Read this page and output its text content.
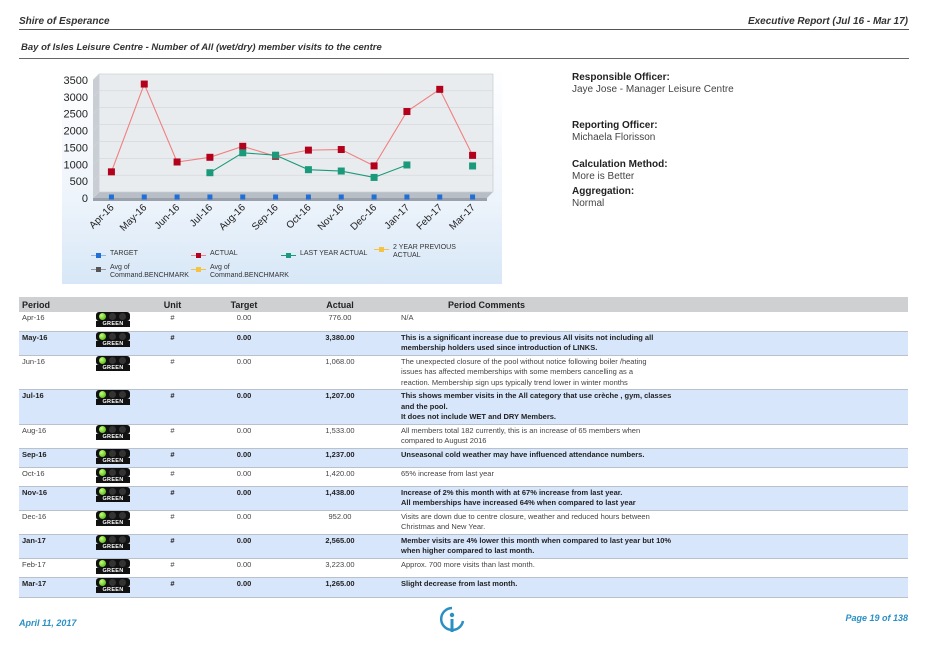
Shire of Esperance	Executive Report (Jul 16 - Mar 17)
Bay of Isles Leisure Centre - Number of All (wet/dry) member visits to the centre
0
500
1000
1500
2000
2500
3000
3500
Apr-16 May-16 Jun-16 Jul-16 Aug-16 Sep-16 Oct-16 Nov-16 Dec-16 Jan-17 Feb-17 Mar-17
TARGET	ACTUAL	LAST YEAR ACTUAL
2 YEAR PREVIOUS ACTUAL
Avg of Command.BENCHMARK
Avg of Command.BENCHMARK
Responsible Officer:
Jaye Jose - Manager Leisure Centre
Reporting Officer:
Michaela Florisson
Calculation Method:
More is Better
Aggregation:
Normal
Period		Unit	Target	Actual	Period Comments
Apr-16	GREEN	#	0.00	776.00	N/A

May-16	GREEN	#	0.00	3,380.00	This is a significant increase due to previous All visits not including all
membership holders used since introduction of LINKS.

Jun-16	GREEN	#	0.00	1,068.00	The unexpected closure of the pool without notice following boiler /heating
issues has affected memberships with some members cancelling as a
reaction. Membership sign ups typically trend lower in winter months

Jul-16	GREEN	#	0.00	1,207.00	This shows member visits in the All category that use crèche , gym, classes
and the pool.
It does not include WET and DRY Members.

Aug-16	GREEN	#	0.00	1,533.00	All members total 182 currently, this is an increase of 65 members when
compared to August 2016

Sep-16	GREEN	#	0.00	1,237.00	Unseasonal cold weather may have influenced attendance numbers.

Oct-16	GREEN	#	0.00	1,420.00	65% increase from last year

Nov-16	GREEN	#	0.00	1,438.00	Increase of 2% this month with at 67% increase from last year.
All memberships have increased 64% when compared to last year

Dec-16	GREEN	#	0.00	952.00	Visits are down due to centre closure, weather and reduced hours between
Christmas and New Year.

Jan-17	GREEN	#	0.00	2,565.00	Member visits are 4% lower this month when compared to last year but 10%
when higher compared to last month.

Feb-17	GREEN	#	0.00	3,223.00	Approx. 700 more visits than last month.

Mar-17	GREEN	#	0.00	1,265.00	Slight decrease from last month.
April 11, 2017	Page 19 of 138
